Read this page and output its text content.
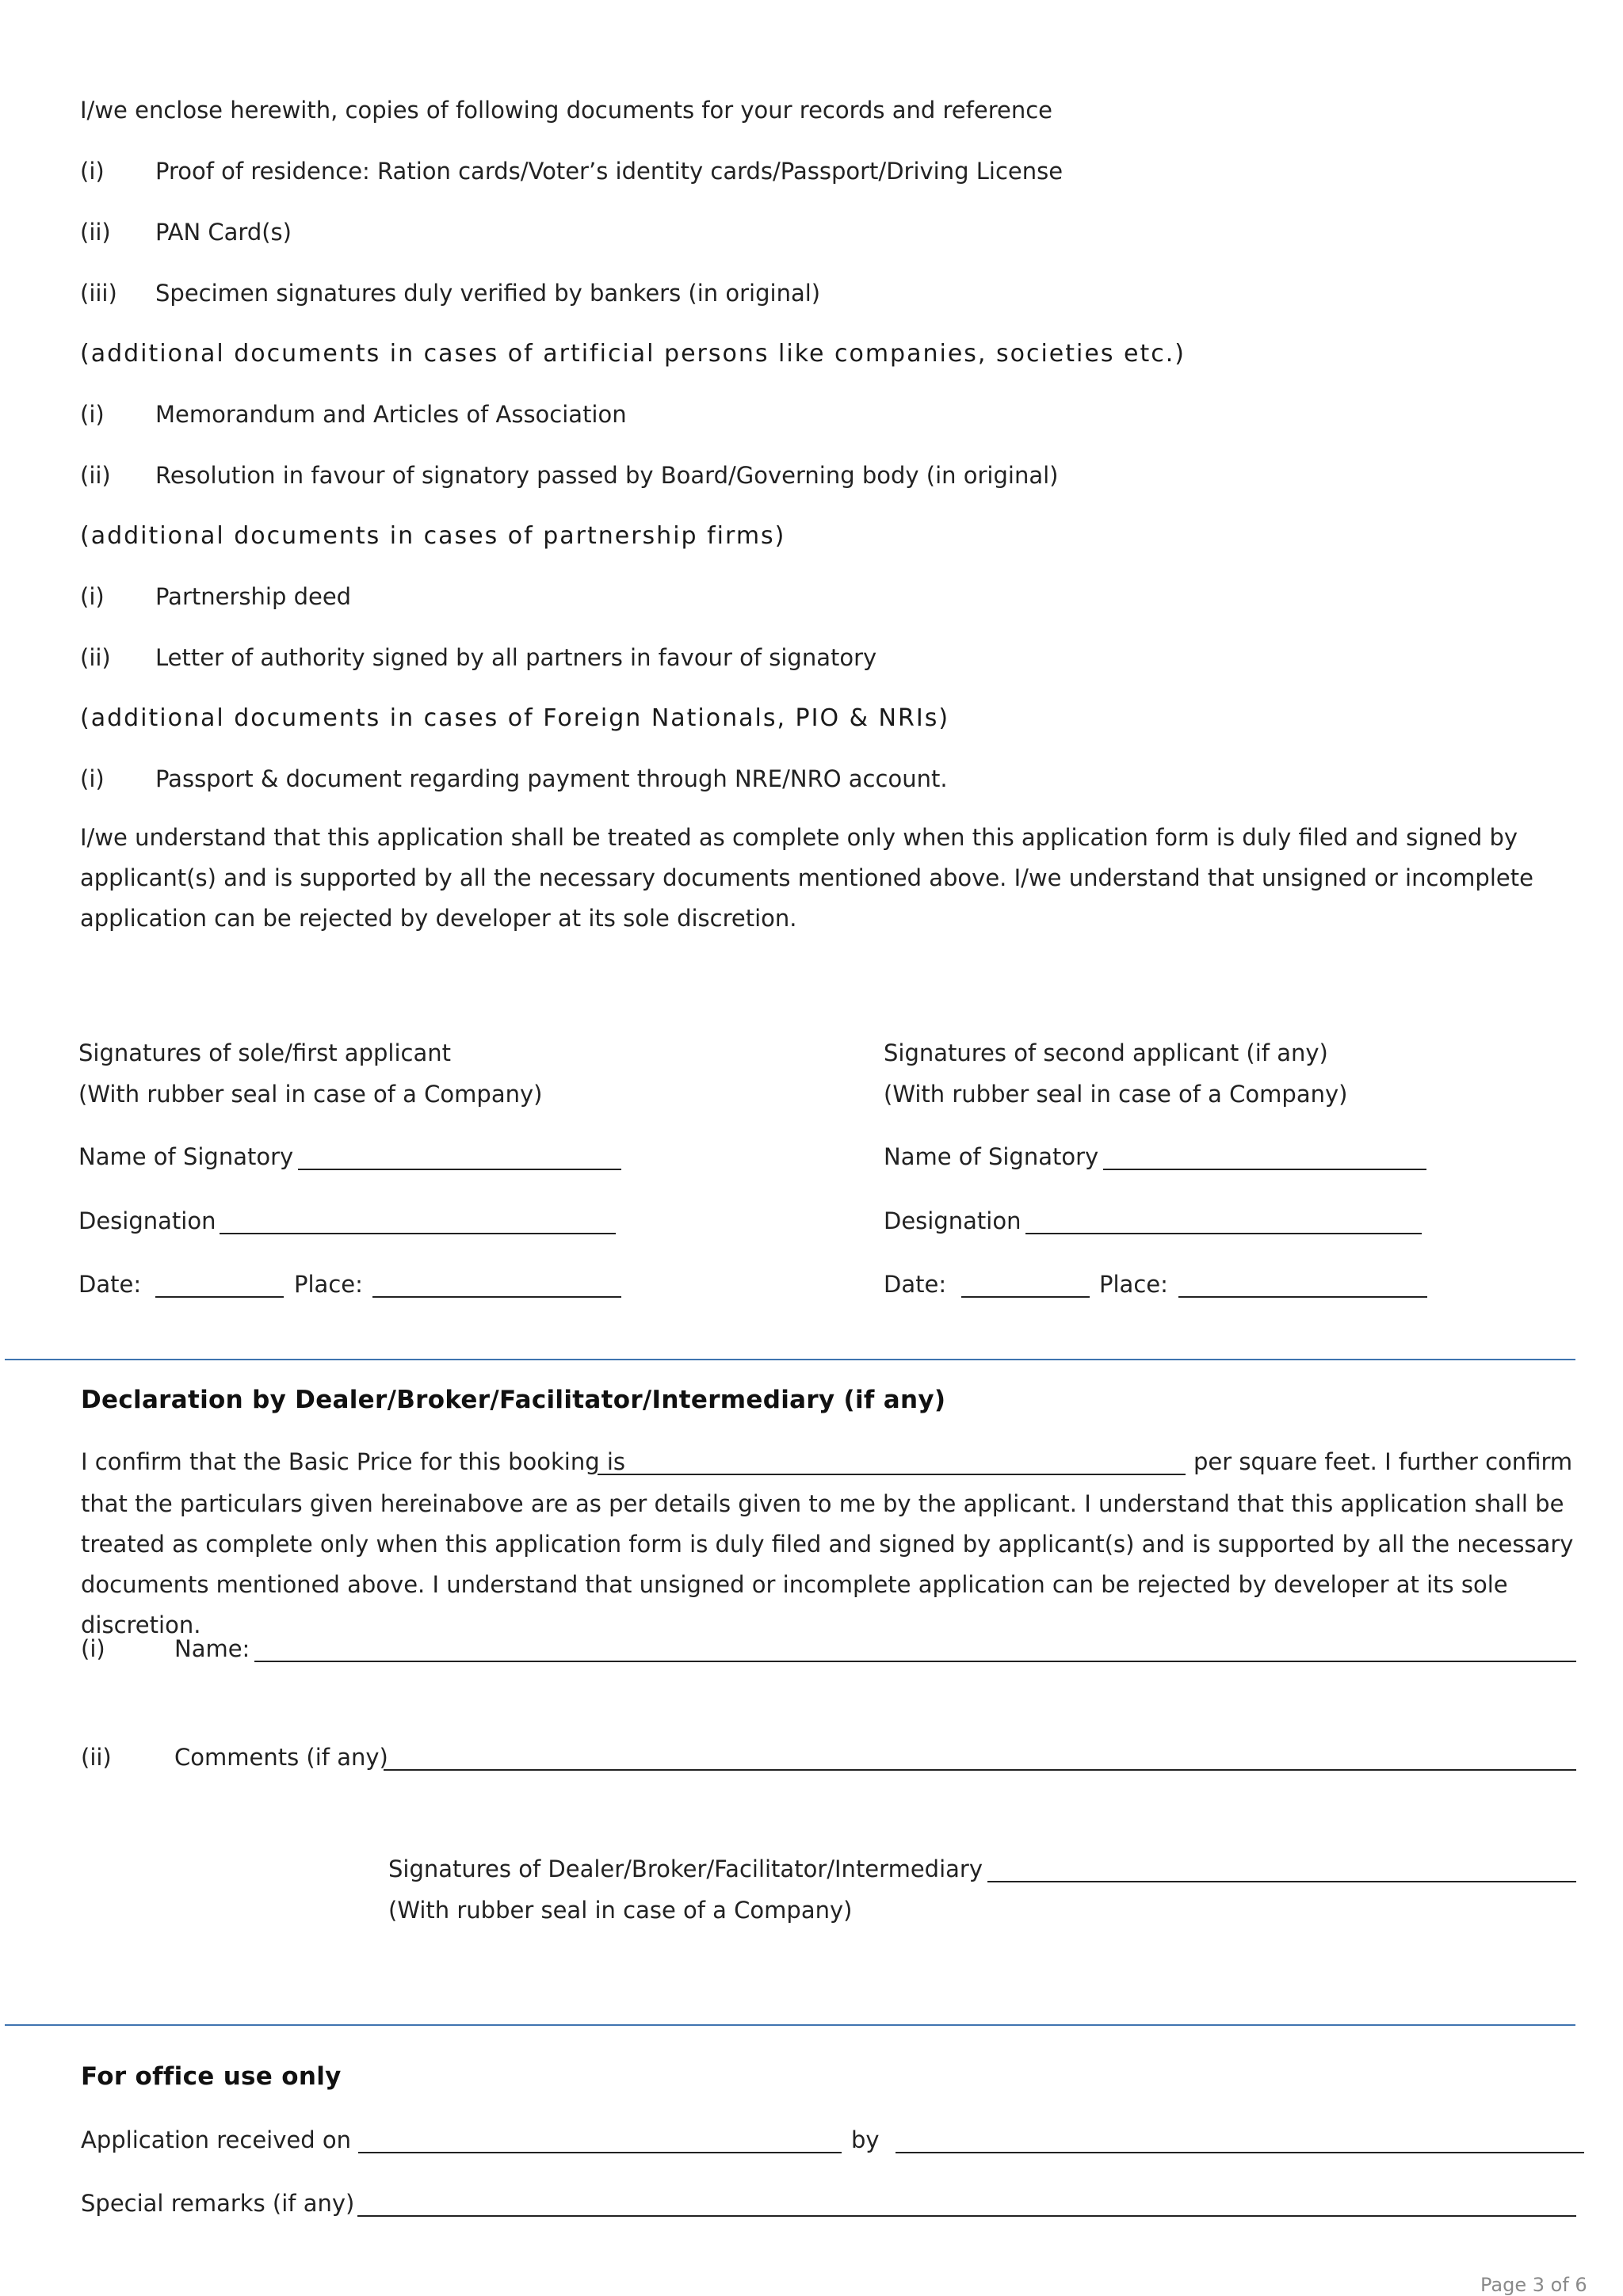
I/we enclose herewith, copies of following documents for your records and reference
(i) Proof of residence: Ration cards/Voter’s identity cards/Passport/Driving License
(ii) PAN Card(s)
(iii) Specimen signatures duly verified by bankers (in original)
(additional documents in cases of artificial persons like companies, societies etc.)
(i) Memorandum and Articles of Association
(ii) Resolution in favour of signatory passed by Board/Governing body (in original)
(additional documents in cases of partnership firms)
(i) Partnership deed
(ii) Letter of authority signed by all partners in favour of signatory
(additional documents in cases of Foreign Nationals, PIO & NRIs)
(i) Passport & document regarding payment through NRE/NRO account.
I/we understand that this application shall be treated as complete only when this application form is duly filed and signed by applicant(s) and is supported by all the necessary documents mentioned above. I/we understand that unsigned or incomplete application can be rejected by developer at its sole discretion.
Signatures of sole/first applicant
(With rubber seal in case of a Company)
Name of Signatory
Designation
Date:	Place:
Signatures of second applicant (if any)
(With rubber seal in case of a Company)
Name of Signatory
Designation
Date:	Place:
Declaration by Dealer/Broker/Facilitator/Intermediary (if any)
I confirm that the Basic Price for this booking is	per square feet. I further confirm
that the particulars given hereinabove are as per details given to me by the applicant. I understand that this application shall be treated as complete only when this application form is duly filed and signed by applicant(s) and is supported by all the necessary documents mentioned above. I understand that unsigned or incomplete application can be rejected by developer at its sole discretion.
(i)	Name:
(ii)	Comments (if any)
Signatures of Dealer/Broker/Facilitator/Intermediary
(With rubber seal in case of a Company)
For office use only
Application received on	by
Special remarks (if any)
Page 3 of 6
